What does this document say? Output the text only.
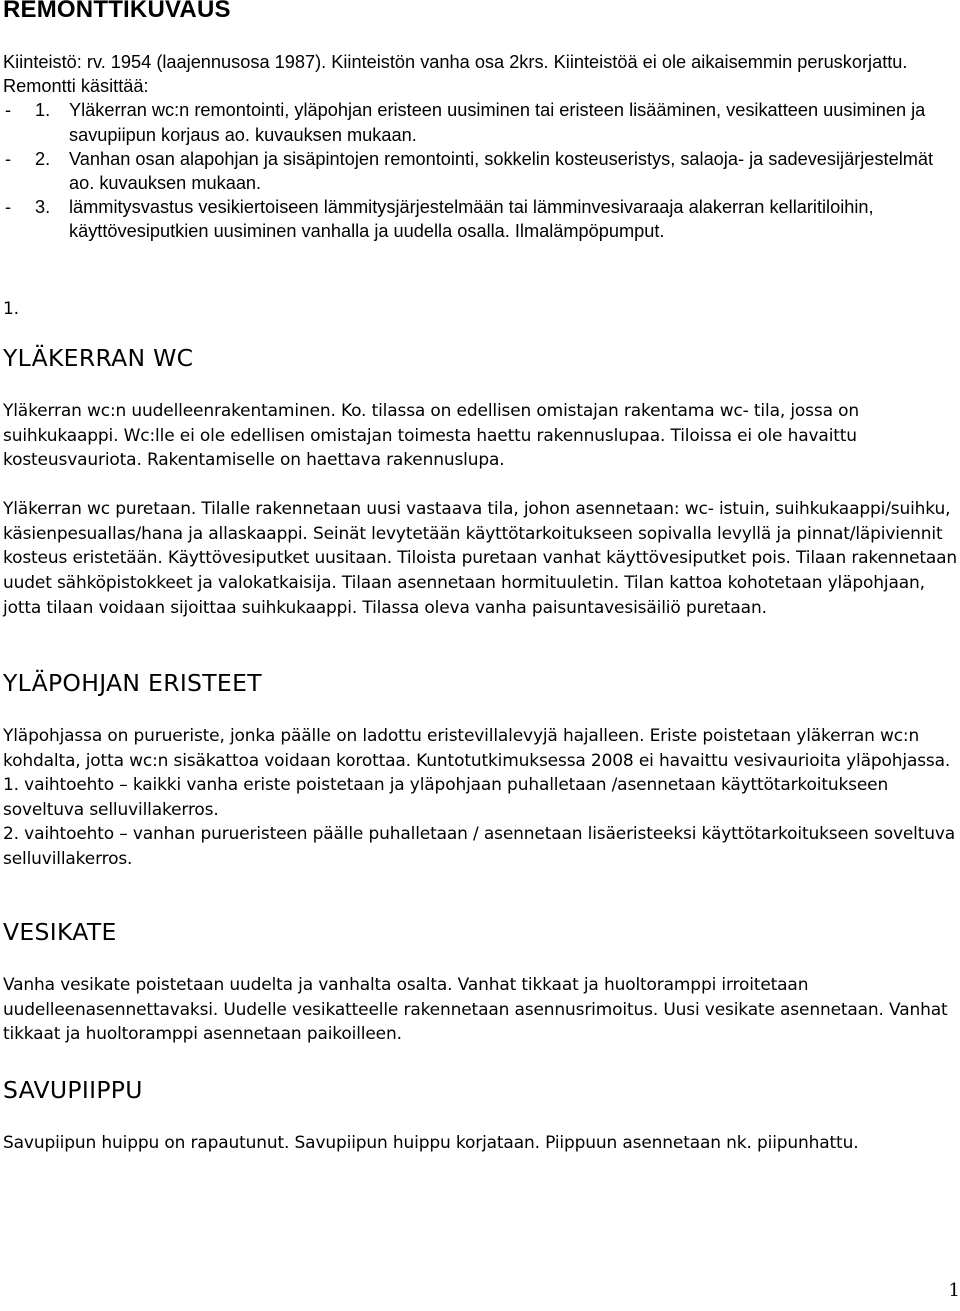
REMONTTIKUVAUS

Kiinteistö: rv. 1954 (laajennusosa 1987). Kiinteistön vanha osa 2krs. Kiinteistöä ei ole aikaisemmin peruskorjattu. Remontti käsittää:

-	1. Yläkerran wc:n remontointi, yläpohjan eristeen uusiminen tai eristeen lisääminen, vesikatteen uusiminen ja savupiipun korjaus ao. kuvauksen mukaan.
-	2. Vanhan osan alapohjan ja sisäpintojen remontointi, sokkelin kosteuseristys, salaoja- ja sadevesijärjestelmät ao. kuvauksen mukaan.
-	3. lämmitysvastus vesikiertoiseen lämmitysjärjestelmään tai lämminvesivaraaja alakerran kellaritiloihin, käyttövesiputkien uusiminen vanhalla ja uudella osalla. Ilmalämpöpumput.

1.

YLÄKERRAN WC

Yläkerran wc:n uudelleenrakentaminen. Ko. tilassa on edellisen omistajan rakentama wc- tila, jossa on suihkukaappi. Wc:lle ei ole edellisen omistajan toimesta haettu rakennuslupaa. Tiloissa ei ole havaittu kosteusvauriota. Rakentamiselle on haettava rakennuslupa.

Yläkerran wc puretaan. Tilalle rakennetaan uusi vastaava tila, johon asennetaan: wc- istuin, suihkukaappi/suihku, käsienpesuallas/hana ja allaskaappi. Seinät levytetään käyttötarkoitukseen sopivalla levyllä ja pinnat/läpiviennit kosteus eristetään. Käyttövesiputket uusitaan. Tiloista puretaan vanhat käyttövesiputket pois. Tilaan rakennetaan uudet sähköpistokkeet ja valokatkaisija. Tilaan asennetaan hormituuletin. Tilan kattoa kohotetaan yläpohjaan, jotta tilaan voidaan sijoittaa suihkukaappi. Tilassa oleva vanha paisuntavesisäiliö puretaan.

YLÄPOHJAN ERISTEET

Yläpohjassa on purueriste, jonka päälle on ladottu eristevillalevyjä hajalleen. Eriste poistetaan yläkerran wc:n kohdalta, jotta wc:n sisäkattoa voidaan korottaa. Kuntotutkimuksessa 2008 ei havaittu vesivaurioita yläpohjassa.

1. vaihtoehto – kaikki vanha eriste poistetaan ja yläpohjaan puhalletaan /asennetaan käyttötarkoitukseen soveltuva selluvillakerros.

2. vaihtoehto – vanhan purueristeen päälle puhalletaan / asennetaan lisäeristeeksi käyttötarkoitukseen soveltuva selluvillakerros.

VESIKATE

Vanha vesikate poistetaan uudelta ja vanhalta osalta. Vanhat tikkaat ja huoltoramppi irroitetaan uudelleenasennettavaksi. Uudelle vesikatteelle rakennetaan asennusrimoitus. Uusi vesikate asennetaan. Vanhat tikkaat ja huoltoramppi asennetaan paikoilleen.

SAVUPIIPPU

Savupiipun huippu on rapautunut. Savupiipun huippu korjataan. Piippuun asennetaan nk. piipunhattu.

1
